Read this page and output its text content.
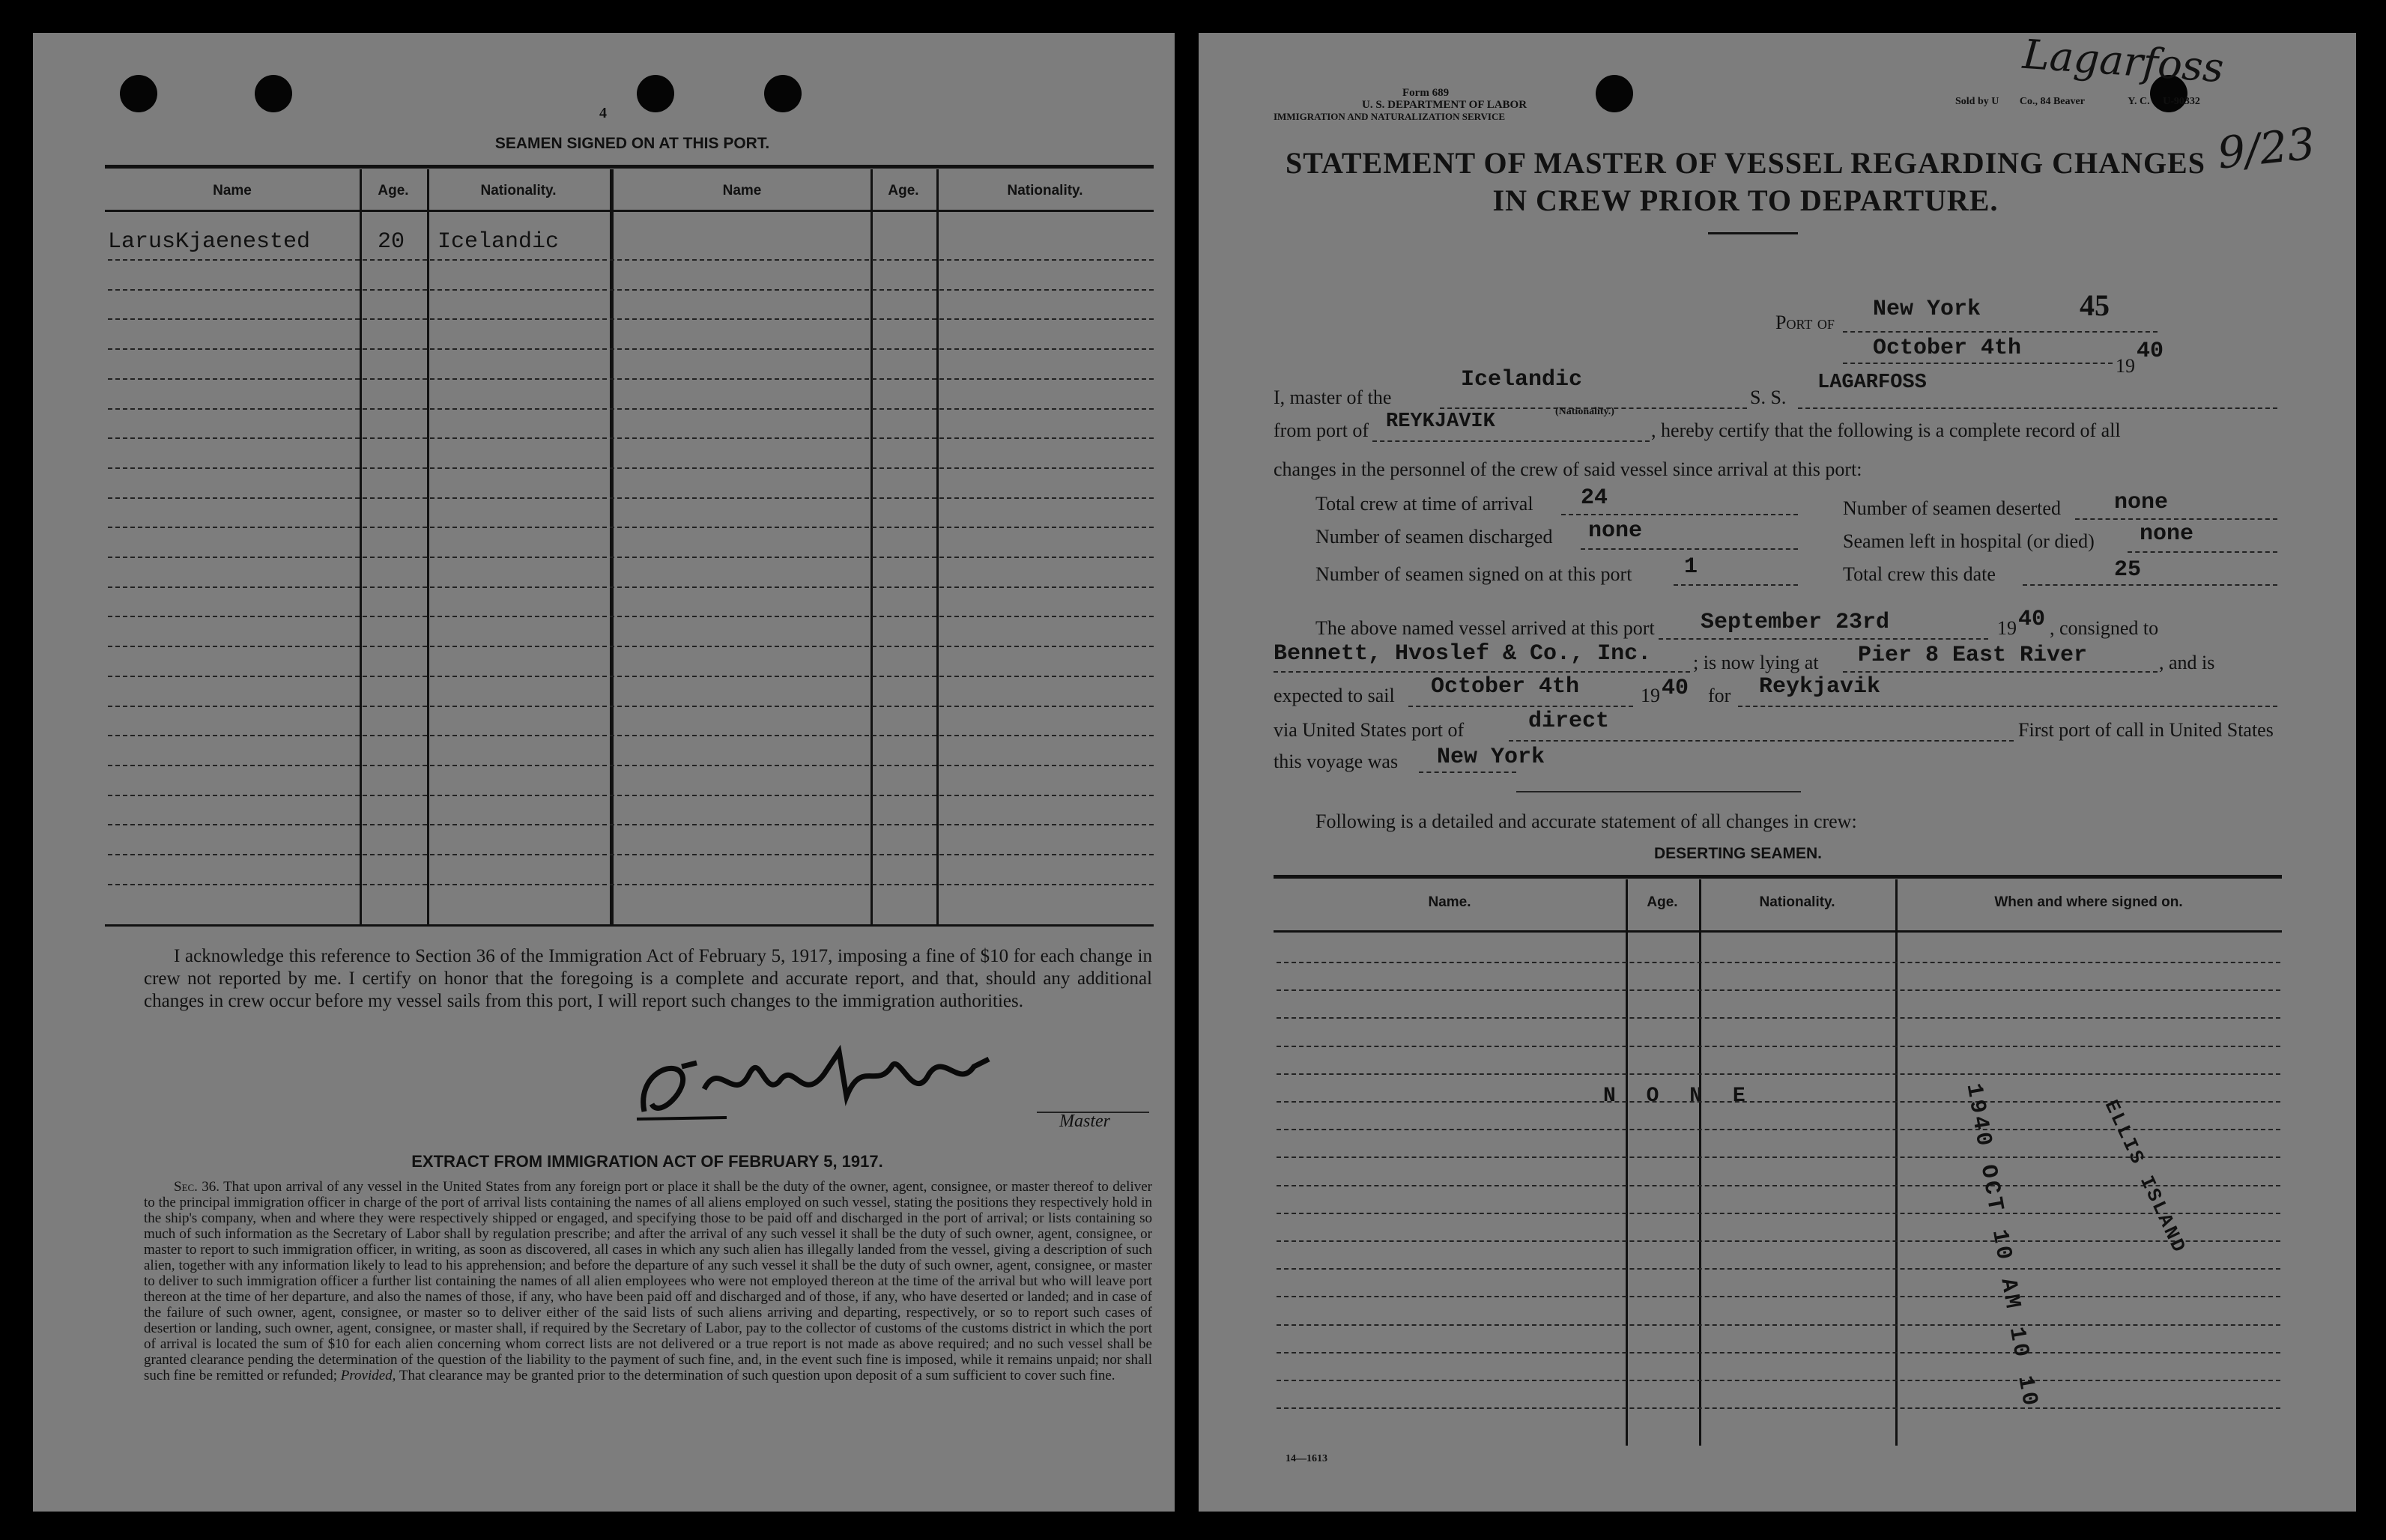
4
SEAMEN SIGNED ON AT THIS PORT.
Name	Age.	Nationality.	Name	Age.	Nationality.
LarusKjaenested	20 Icelandic
I acknowledge this reference to Section 36 of the Immigration Act of February 5, 1917, imposing a fine of $10 for each change in crew not reported by me. I certify on honor that the foregoing is a complete and accurate report, and that, should any additional changes in crew occur before my vessel sails from this port, I will report such changes to the immigration authorities.
Master
EXTRACT FROM IMMIGRATION ACT OF FEBRUARY 5, 1917.
Sec. 36. That upon arrival of any vessel in the United States from any foreign port or place it shall be the duty of the owner, agent, consignee, or master thereof to deliver to the principal immigration officer in charge of the port of arrival lists containing the names of all aliens employed on such vessel, stating the positions they respectively hold in the ship's company, when and where they were respectively shipped or engaged, and specifying those to be paid off and discharged in the port of arrival; or lists containing so much of such information as the Secretary of Labor shall by regulation prescribe; and after the arrival of any such vessel it shall be the duty of such owner, agent, consignee, or master to report to such immigration officer, in writing, as soon as discovered, all cases in which any such alien has illegally landed from the vessel, giving a description of such alien, together with any information likely to lead to his apprehension; and before the departure of any such vessel it shall be the duty of such owner, agent, consignee, or master to deliver to such immigration officer a further list containing the names of all alien employees who were not employed thereon at the time of the arrival but who will leave port thereon at the time of her departure, and also the names of those, if any, who have been paid off and discharged and of those, if any, who have deserted or landed; and in case of the failure of such owner, agent, consignee, or master so to deliver either of the said lists of such aliens arriving and departing, respectively, or so to report such cases of desertion or landing, such owner, agent, consignee, or master shall, if required by the Secretary of Labor, pay to the collector of customs of the customs district in which the port of arrival is located the sum of $10 for each alien concerning whom correct lists are not delivered or a true report is not made as above required; and no such vessel shall be granted clearance pending the determination of the question of the liability to the payment of such fine, and, in the event such fine is imposed, while it remains unpaid; nor shall such fine be remitted or refunded; Provided, That clearance may be granted prior to the determination of such question upon deposit of a sum sufficient to cover such fine.
Form 689
U. S. DEPARTMENT OF LABOR
IMMIGRATION AND NATURALIZATION SERVICE
Sold by U Co., 84 Beaver	Y. C. U-90332
Lagarfoss
9/23
STATEMENT OF MASTER OF VESSEL REGARDING CHANGES
IN CREW PRIOR TO DEPARTURE.
Port of
New York	45
October 4th
19
40
I, master of the
Icelandic
(Nationality.)
S. S.
LAGARFOSS
from port of REYKJAVIK	, hereby certify that the following is a complete record of all
changes in the personnel of the crew of said vessel since arrival at this port:
Total crew at time of arrival 24	Number of seamen deserted none
Number of seamen discharged none	Seamen left in hospital (or died) none
Number of seamen signed on at this port 1	Total crew this date	25
The above named vessel arrived at this port September 23rd	19 40 , consigned to
Bennett, Hvoslef & Co., Inc. ; is now lying at Pier 8 East River	, and is
expected to sail October 4th	19 40 for Reykjavik
via United States port of	direct	First port of call in United States
this voyage was New York
Following is a detailed and accurate statement of all changes in crew:
DESERTING SEAMEN.
Name.	Age.	Nationality.	When and where signed on.
N O N E	1940 OCT 10 AM 10 10	ELLIS ISLAND
14—1613
